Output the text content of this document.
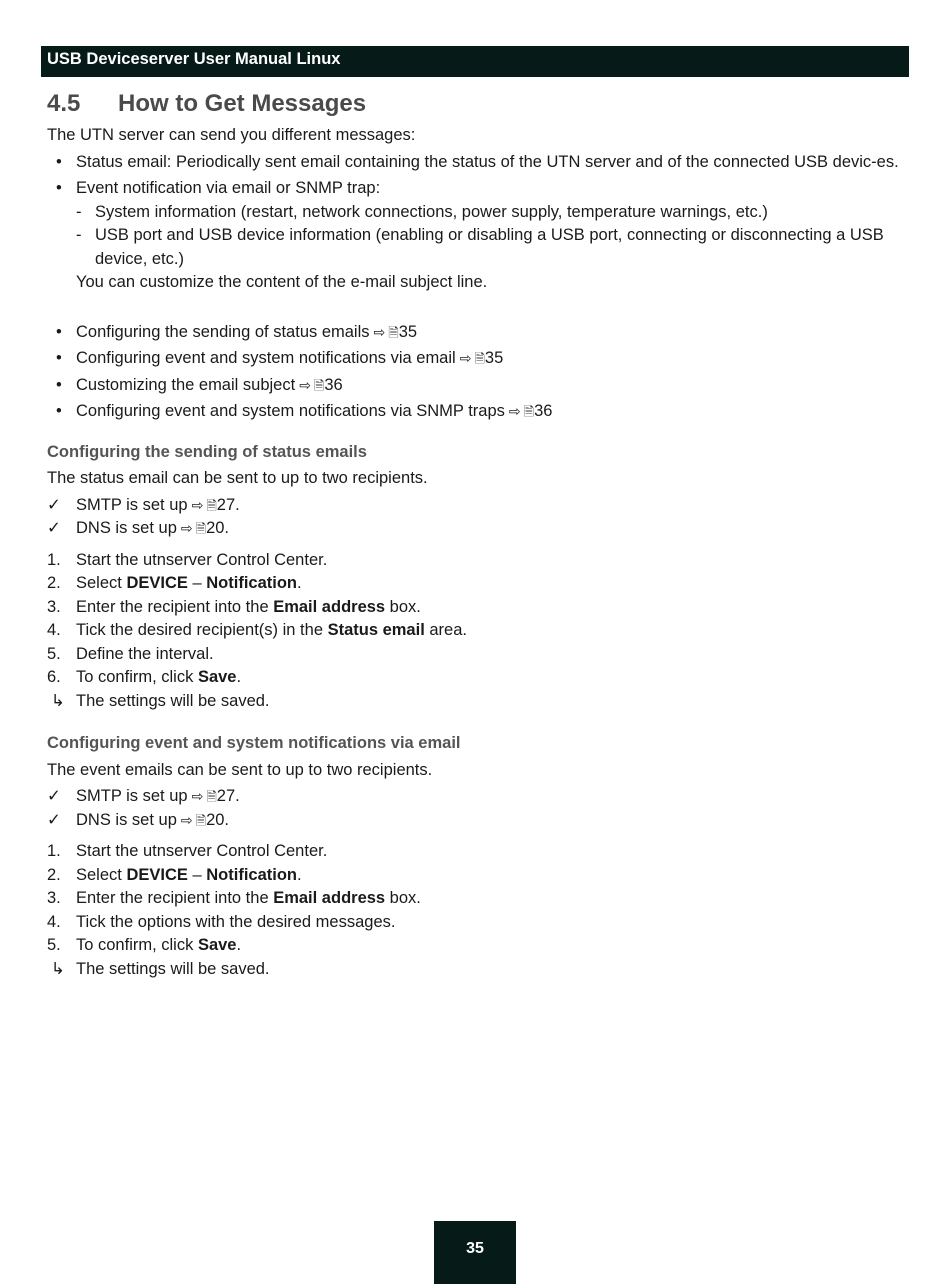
USB Deviceserver User Manual Linux
4.5 How to Get Messages

The UTN server can send you different messages:

• Status email: Periodically sent email containing the status of the UTN server and of the connected USB devic-es.
• Event notification via email or SNMP trap:
- System information (restart, network connections, power supply, temperature warnings, etc.)
- USB port and USB device information (enabling or disabling a USB port, connecting or disconnecting a USB device, etc.)
You can customize the content of the e-mail subject line.
• Configuring the sending of status emails ⇨ 🗎35
• Configuring event and system notifications via email ⇨ 🗎35
• Customizing the email subject ⇨ 🗎36
• Configuring event and system notifications via SNMP traps ⇨ 🗎36
Configuring the sending of status emails

The status email can be sent to up to two recipients.

✓ SMTP is set up ⇨ 🗎27.
✓ DNS is set up ⇨ 🗎20.
1. Start the utnserver Control Center.
2. Select DEVICE – Notification.
3. Enter the recipient into the Email address box.
4. Tick the desired recipient(s) in the Status email area.
5. Define the interval.
6. To confirm, click Save.
↳ The settings will be saved.
Configuring event and system notifications via email

The event emails can be sent to up to two recipients.

✓ SMTP is set up ⇨ 🗎27.
✓ DNS is set up ⇨ 🗎20.
1. Start the utnserver Control Center.
2. Select DEVICE – Notification.
3. Enter the recipient into the Email address box.
4. Tick the options with the desired messages.
5. To confirm, click Save.
↳ The settings will be saved.
35
